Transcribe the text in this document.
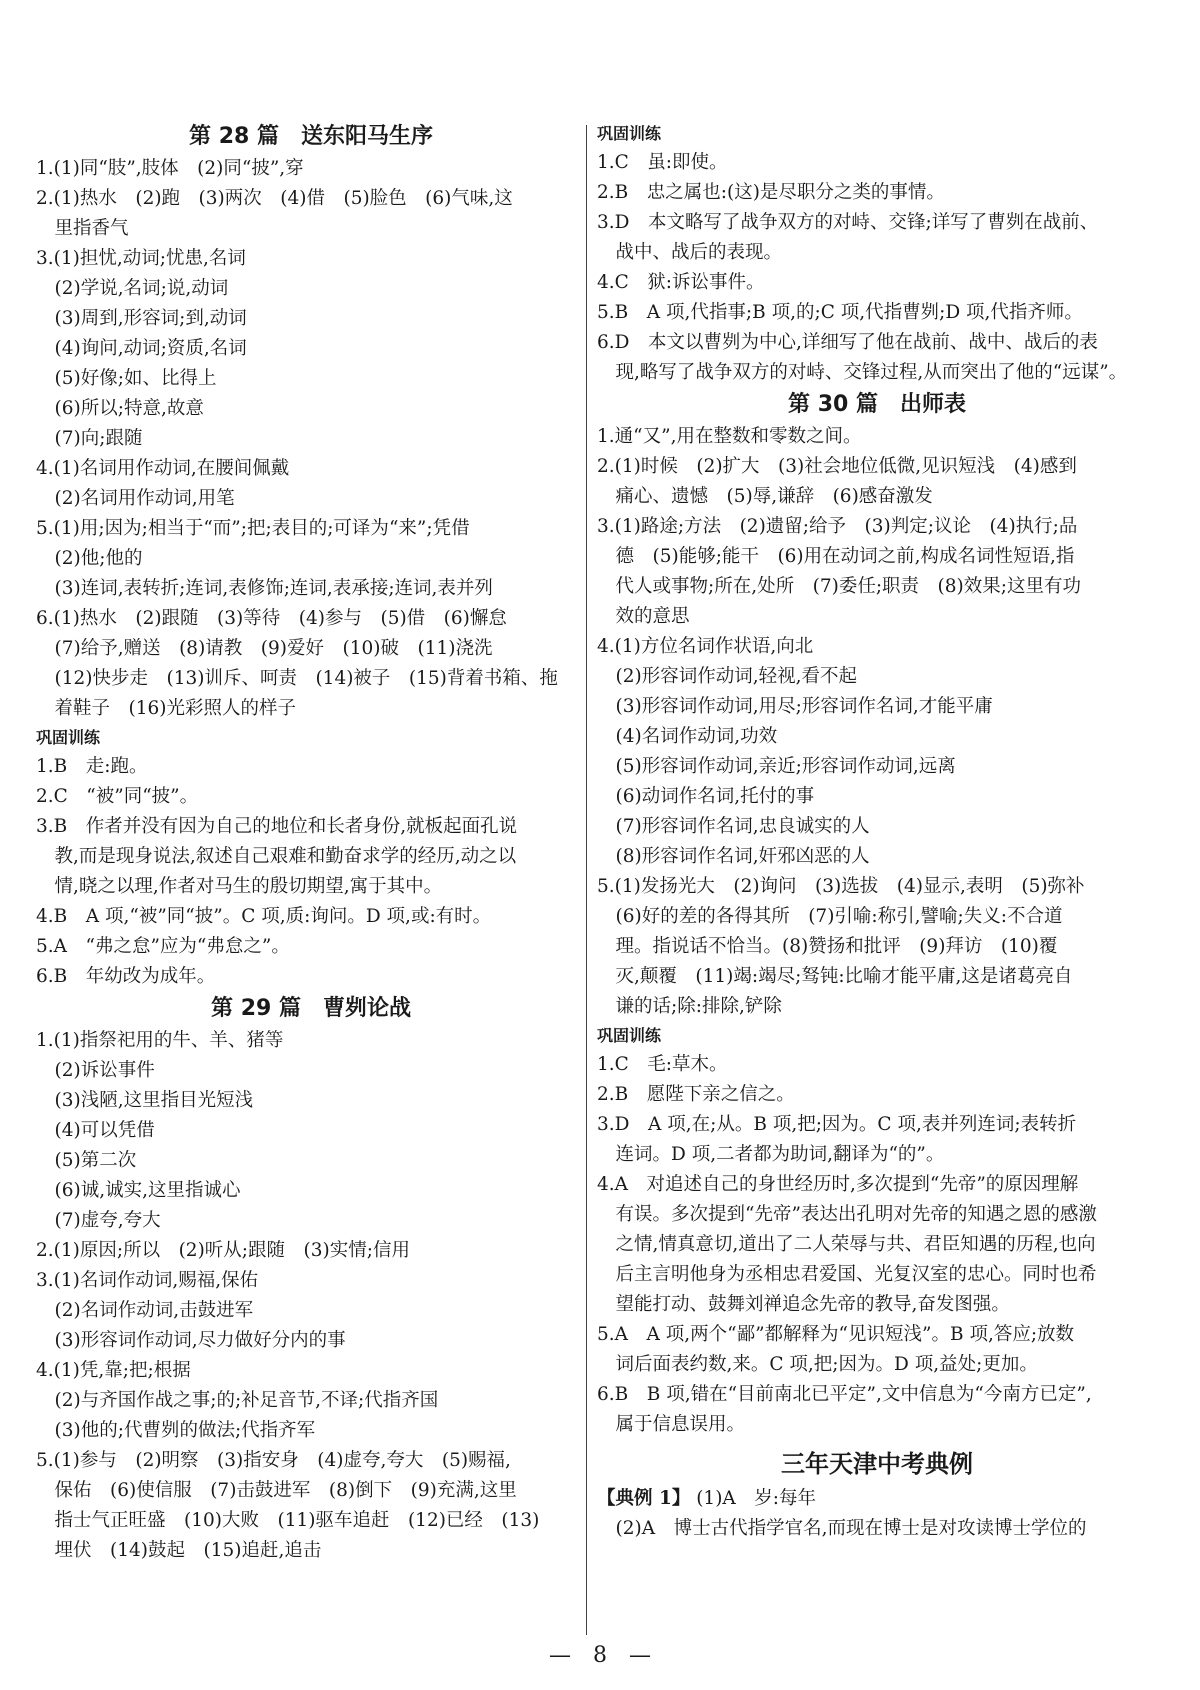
第 28 篇　送东阳马生序
1.(1)同“肢”,肢体　(2)同“披”,穿
2.(1)热水　(2)跑　(3)两次　(4)借　(5)脸色　(6)气味,这
　里指香气
3.(1)担忧,动词;忧患,名词
　(2)学说,名词;说,动词
　(3)周到,形容词;到,动词
　(4)询问,动词;资质,名词
　(5)好像;如、比得上
　(6)所以;特意,故意
　(7)向;跟随
4.(1)名词用作动词,在腰间佩戴
　(2)名词用作动词,用笔
5.(1)用;因为;相当于“而”;把;表目的;可译为“来”;凭借
　(2)他;他的
　(3)连词,表转折;连词,表修饰;连词,表承接;连词,表并列
6.(1)热水　(2)跟随　(3)等待　(4)参与　(5)借　(6)懈怠
　(7)给予,赠送　(8)请教　(9)爱好　(10)破　(11)浇洗
　(12)快步走　(13)训斥、呵责　(14)被子　(15)背着书箱、拖
　着鞋子　(16)光彩照人的样子
巩固训练
1.B　走:跑。
2.C　“被”同“披”。
3.B　作者并没有因为自己的地位和长者身份,就板起面孔说
　教,而是现身说法,叙述自己艰难和勤奋求学的经历,动之以
　情,晓之以理,作者对马生的殷切期望,寓于其中。
4.B　A 项,“被”同“披”。C 项,质:询问。D 项,或:有时。
5.A　“弗之怠”应为“弗怠之”。
6.B　年幼改为成年。
第 29 篇　曹刿论战
1.(1)指祭祀用的牛、羊、猪等
　(2)诉讼事件
　(3)浅陋,这里指目光短浅
　(4)可以凭借
　(5)第二次
　(6)诚,诚实,这里指诚心
　(7)虚夸,夸大
2.(1)原因;所以　(2)听从;跟随　(3)实情;信用
3.(1)名词作动词,赐福,保佑
　(2)名词作动词,击鼓进军
　(3)形容词作动词,尽力做好分内的事
4.(1)凭,靠;把;根据
　(2)与齐国作战之事;的;补足音节,不译;代指齐国
　(3)他的;代曹刿的做法;代指齐军
5.(1)参与　(2)明察　(3)指安身　(4)虚夸,夸大　(5)赐福,
　保佑　(6)使信服　(7)击鼓进军　(8)倒下　(9)充满,这里
　指士气正旺盛　(10)大败　(11)驱车追赶　(12)已经　(13)
　埋伏　(14)鼓起　(15)追赶,追击
巩固训练
1.C　虽:即使。
2.B　忠之属也:(这)是尽职分之类的事情。
3.D　本文略写了战争双方的对峙、交锋;详写了曹刿在战前、
　战中、战后的表现。
4.C　狱:诉讼事件。
5.B　A 项,代指事;B 项,的;C 项,代指曹刿;D 项,代指齐师。
6.D　本文以曹刿为中心,详细写了他在战前、战中、战后的表
　现,略写了战争双方的对峙、交锋过程,从而突出了他的“远谋”。
第 30 篇　出师表
1.通“又”,用在整数和零数之间。
2.(1)时候　(2)扩大　(3)社会地位低微,见识短浅　(4)感到
　痛心、遗憾　(5)辱,谦辞　(6)感奋激发
3.(1)路途;方法　(2)遗留;给予　(3)判定;议论　(4)执行;品
　德　(5)能够;能干　(6)用在动词之前,构成名词性短语,指
　代人或事物;所在,处所　(7)委任;职责　(8)效果;这里有功
　效的意思
4.(1)方位名词作状语,向北
　(2)形容词作动词,轻视,看不起
　(3)形容词作动词,用尽;形容词作名词,才能平庸
　(4)名词作动词,功效
　(5)形容词作动词,亲近;形容词作动词,远离
　(6)动词作名词,托付的事
　(7)形容词作名词,忠良诚实的人
　(8)形容词作名词,奸邪凶恶的人
5.(1)发扬光大　(2)询问　(3)选拔　(4)显示,表明　(5)弥补
　(6)好的差的各得其所　(7)引喻:称引,譬喻;失义:不合道
　理。指说话不恰当。(8)赞扬和批评　(9)拜访　(10)覆
　灭,颠覆　(11)竭:竭尽;驽钝:比喻才能平庸,这是诸葛亮自
　谦的话;除:排除,铲除
巩固训练
1.C　毛:草木。
2.B　愿陛下亲之信之。
3.D　A 项,在;从。B 项,把;因为。C 项,表并列连词;表转折
　连词。D 项,二者都为助词,翻译为“的”。
4.A　对追述自己的身世经历时,多次提到“先帝”的原因理解
　有误。多次提到“先帝”表达出孔明对先帝的知遇之恩的感激
　之情,情真意切,道出了二人荣辱与共、君臣知遇的历程,也向
　后主言明他身为丞相忠君爱国、光复汉室的忠心。同时也希
　望能打动、鼓舞刘禅追念先帝的教导,奋发图强。
5.A　A 项,两个“鄙”都解释为“见识短浅”。B 项,答应;放数
　词后面表约数,来。C 项,把;因为。D 项,益处;更加。
6.B　B 项,错在“目前南北已平定”,文中信息为“今南方已定”,
　属于信息误用。
三年天津中考典例
【典例 1】 (1)A　岁:每年
　(2)A　博士古代指学官名,而现在博士是对攻读博士学位的
—　8　—
